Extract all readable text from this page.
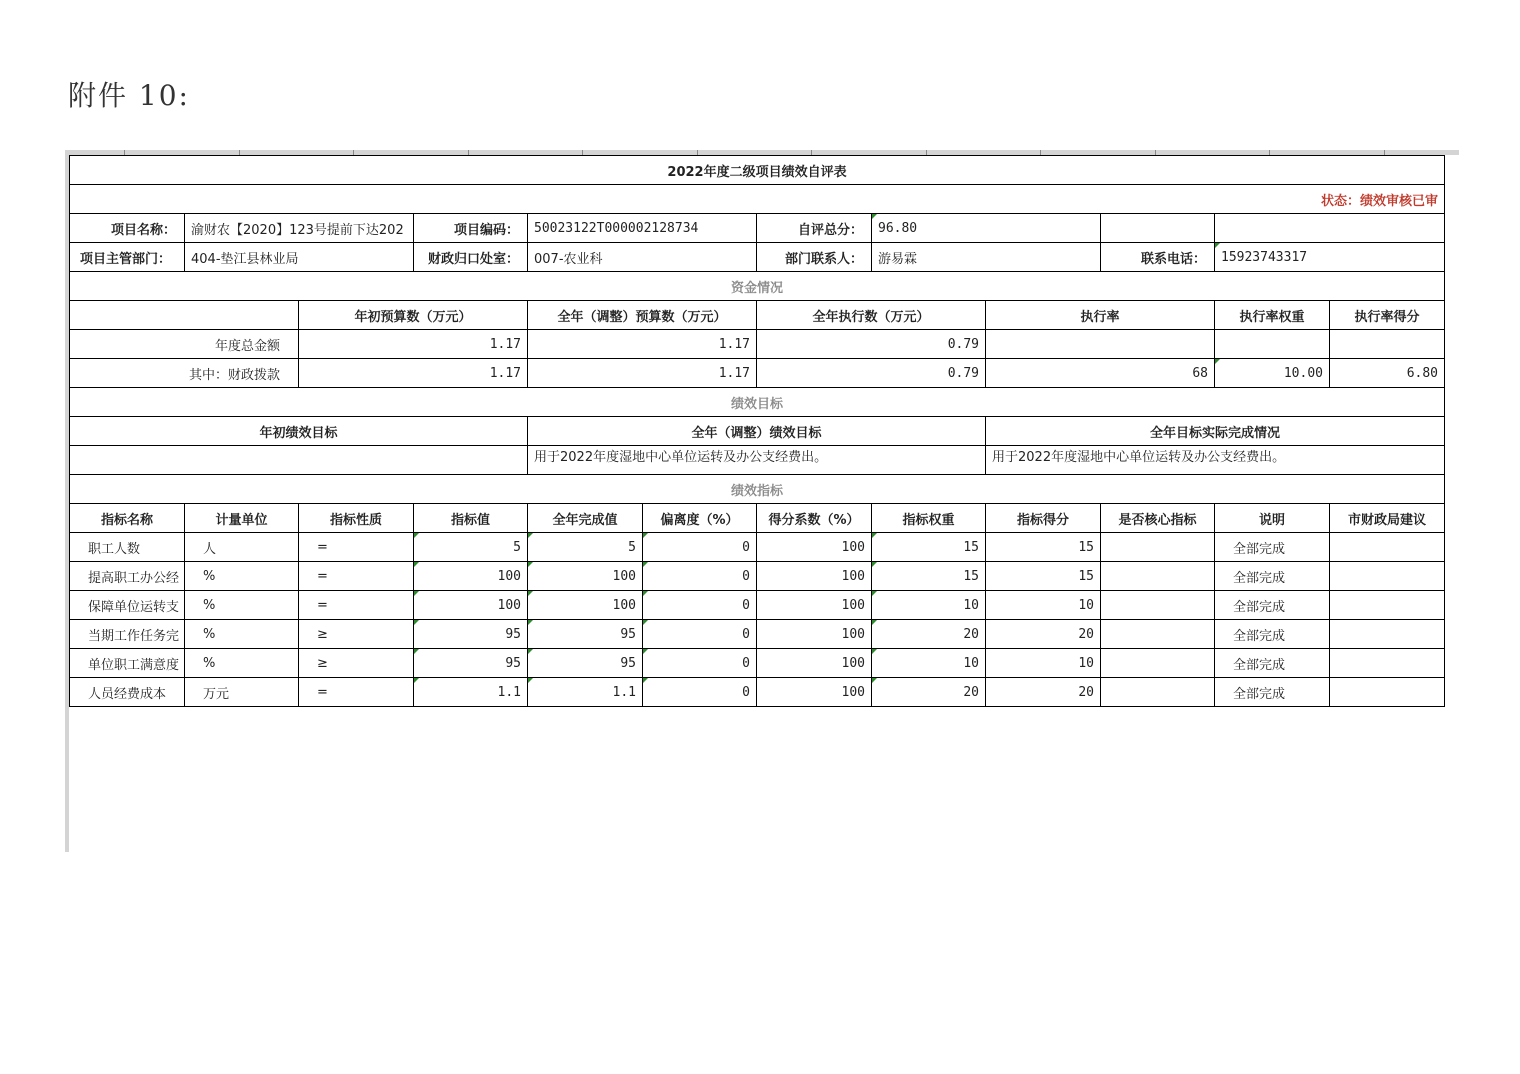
附件 10:
2022年度二级项目绩效自评表											
状态：绩效审核已审											
项目名称：	渝财农【2020】123号提前下达202		项目编码：	50023122T000002128734		自评总分：	96.80				
项目主管部门：	404-垫江县林业局		财政归口处室：	007-农业科		部门联系人：	游易霖		联系电话：	15923743317	
资金情况											
		年初预算数（万元）		全年（调整）预算数（万元）		全年执行数（万元）		执行率		执行率权重	执行率得分
年度总金额		1.17		1.17		0.79					
其中：财政拨款		1.17		1.17		0.79		68		10.00	6.80
绩效目标											
年初绩效目标				全年（调整）绩效目标				全年目标实际完成情况			
				用于2022年度湿地中心单位运转及办公支经费出。				用于2022年度湿地中心单位运转及办公支经费出。			
绩效指标											
指标名称	计量单位	指标性质	指标值	全年完成值	偏离度（%）	得分系数（%）	指标权重	指标得分	是否核心指标	说明	市财政局建议
职工人数	人	=	5	5	0	100	15	15		全部完成	
提高职工办公经	%	=	100	100	0	100	15	15		全部完成	
保障单位运转支	%	=	100	100	0	100	10	10		全部完成	
当期工作任务完	%	≥	95	95	0	100	20	20		全部完成	
单位职工满意度	%	≥	95	95	0	100	10	10		全部完成	
人员经费成本	万元	=	1.1	1.1	0	100	20	20		全部完成	
